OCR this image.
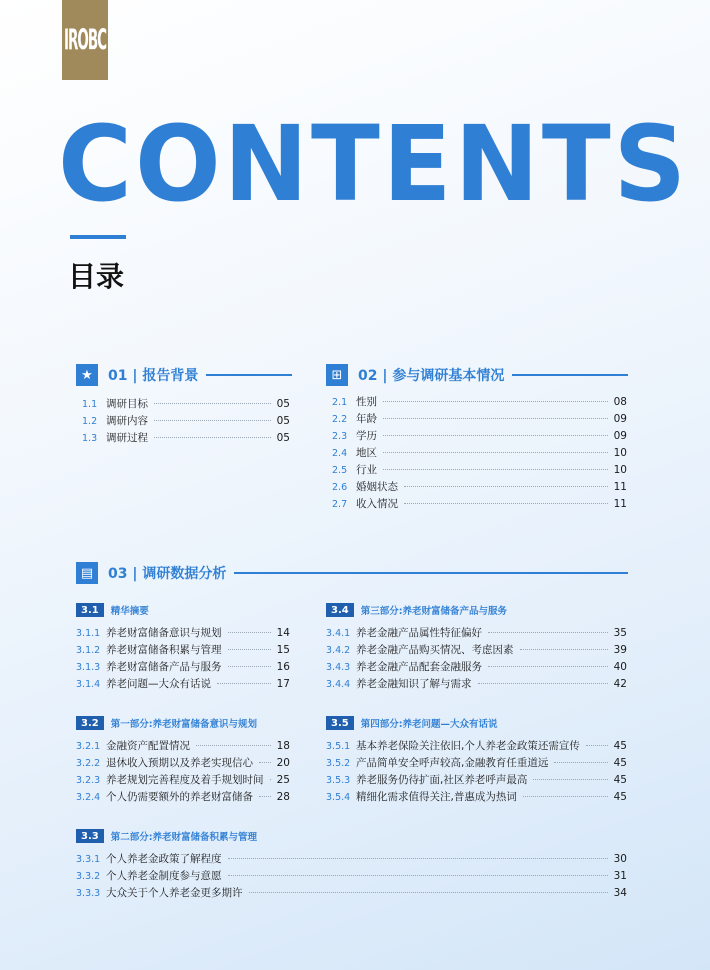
IROBC
CONTENTS
目录
★	01 | 报告背景
1.1 调研目标	05
1.2 调研内容	05
1.3 调研过程	05
⊞	02 | 参与调研基本情况
2.1 性别	08
2.2 年龄	09
2.3 学历	09
2.4 地区	10
2.5 行业	10
2.6 婚姻状态	11
2.7 收入情况	11
▤	03 | 调研数据分析
3.1	精华摘要
3.1.1 养老财富储备意识与规划	14
3.1.2 养老财富储备积累与管理	15
3.1.3 养老财富储备产品与服务	16
3.1.4 养老问题—大众有话说	17
3.2	第一部分:养老财富储备意识与规划
3.2.1 金融资产配置情况	18
3.2.2 退休收入预期以及养老实现信心 20
3.2.3 养老规划完善程度及着手规划时间 25
3.2.4 个人仍需要额外的养老财富储备 28
3.3	第二部分:养老财富储备积累与管理
3.3.1 个人养老金政策了解程度	30
3.3.2 个人养老金制度参与意愿	31
3.3.3 大众关于个人养老金更多期许	34
3.4	第三部分:养老财富储备产品与服务
3.4.1 养老金融产品属性特征偏好	35
3.4.2 养老金融产品购买情况、考虑因素	39
3.4.3 养老金融产品配套金融服务	40
3.4.4 养老金融知识了解与需求	42
3.5	第四部分:养老问题—大众有话说
3.5.1 基本养老保险关注依旧,个人养老金政策还需宣传	45
3.5.2 产品简单安全呼声较高,金融教育任重道远	45
3.5.3 养老服务仍待扩面,社区养老呼声最高	45
3.5.4 精细化需求值得关注,普惠成为热词	45
